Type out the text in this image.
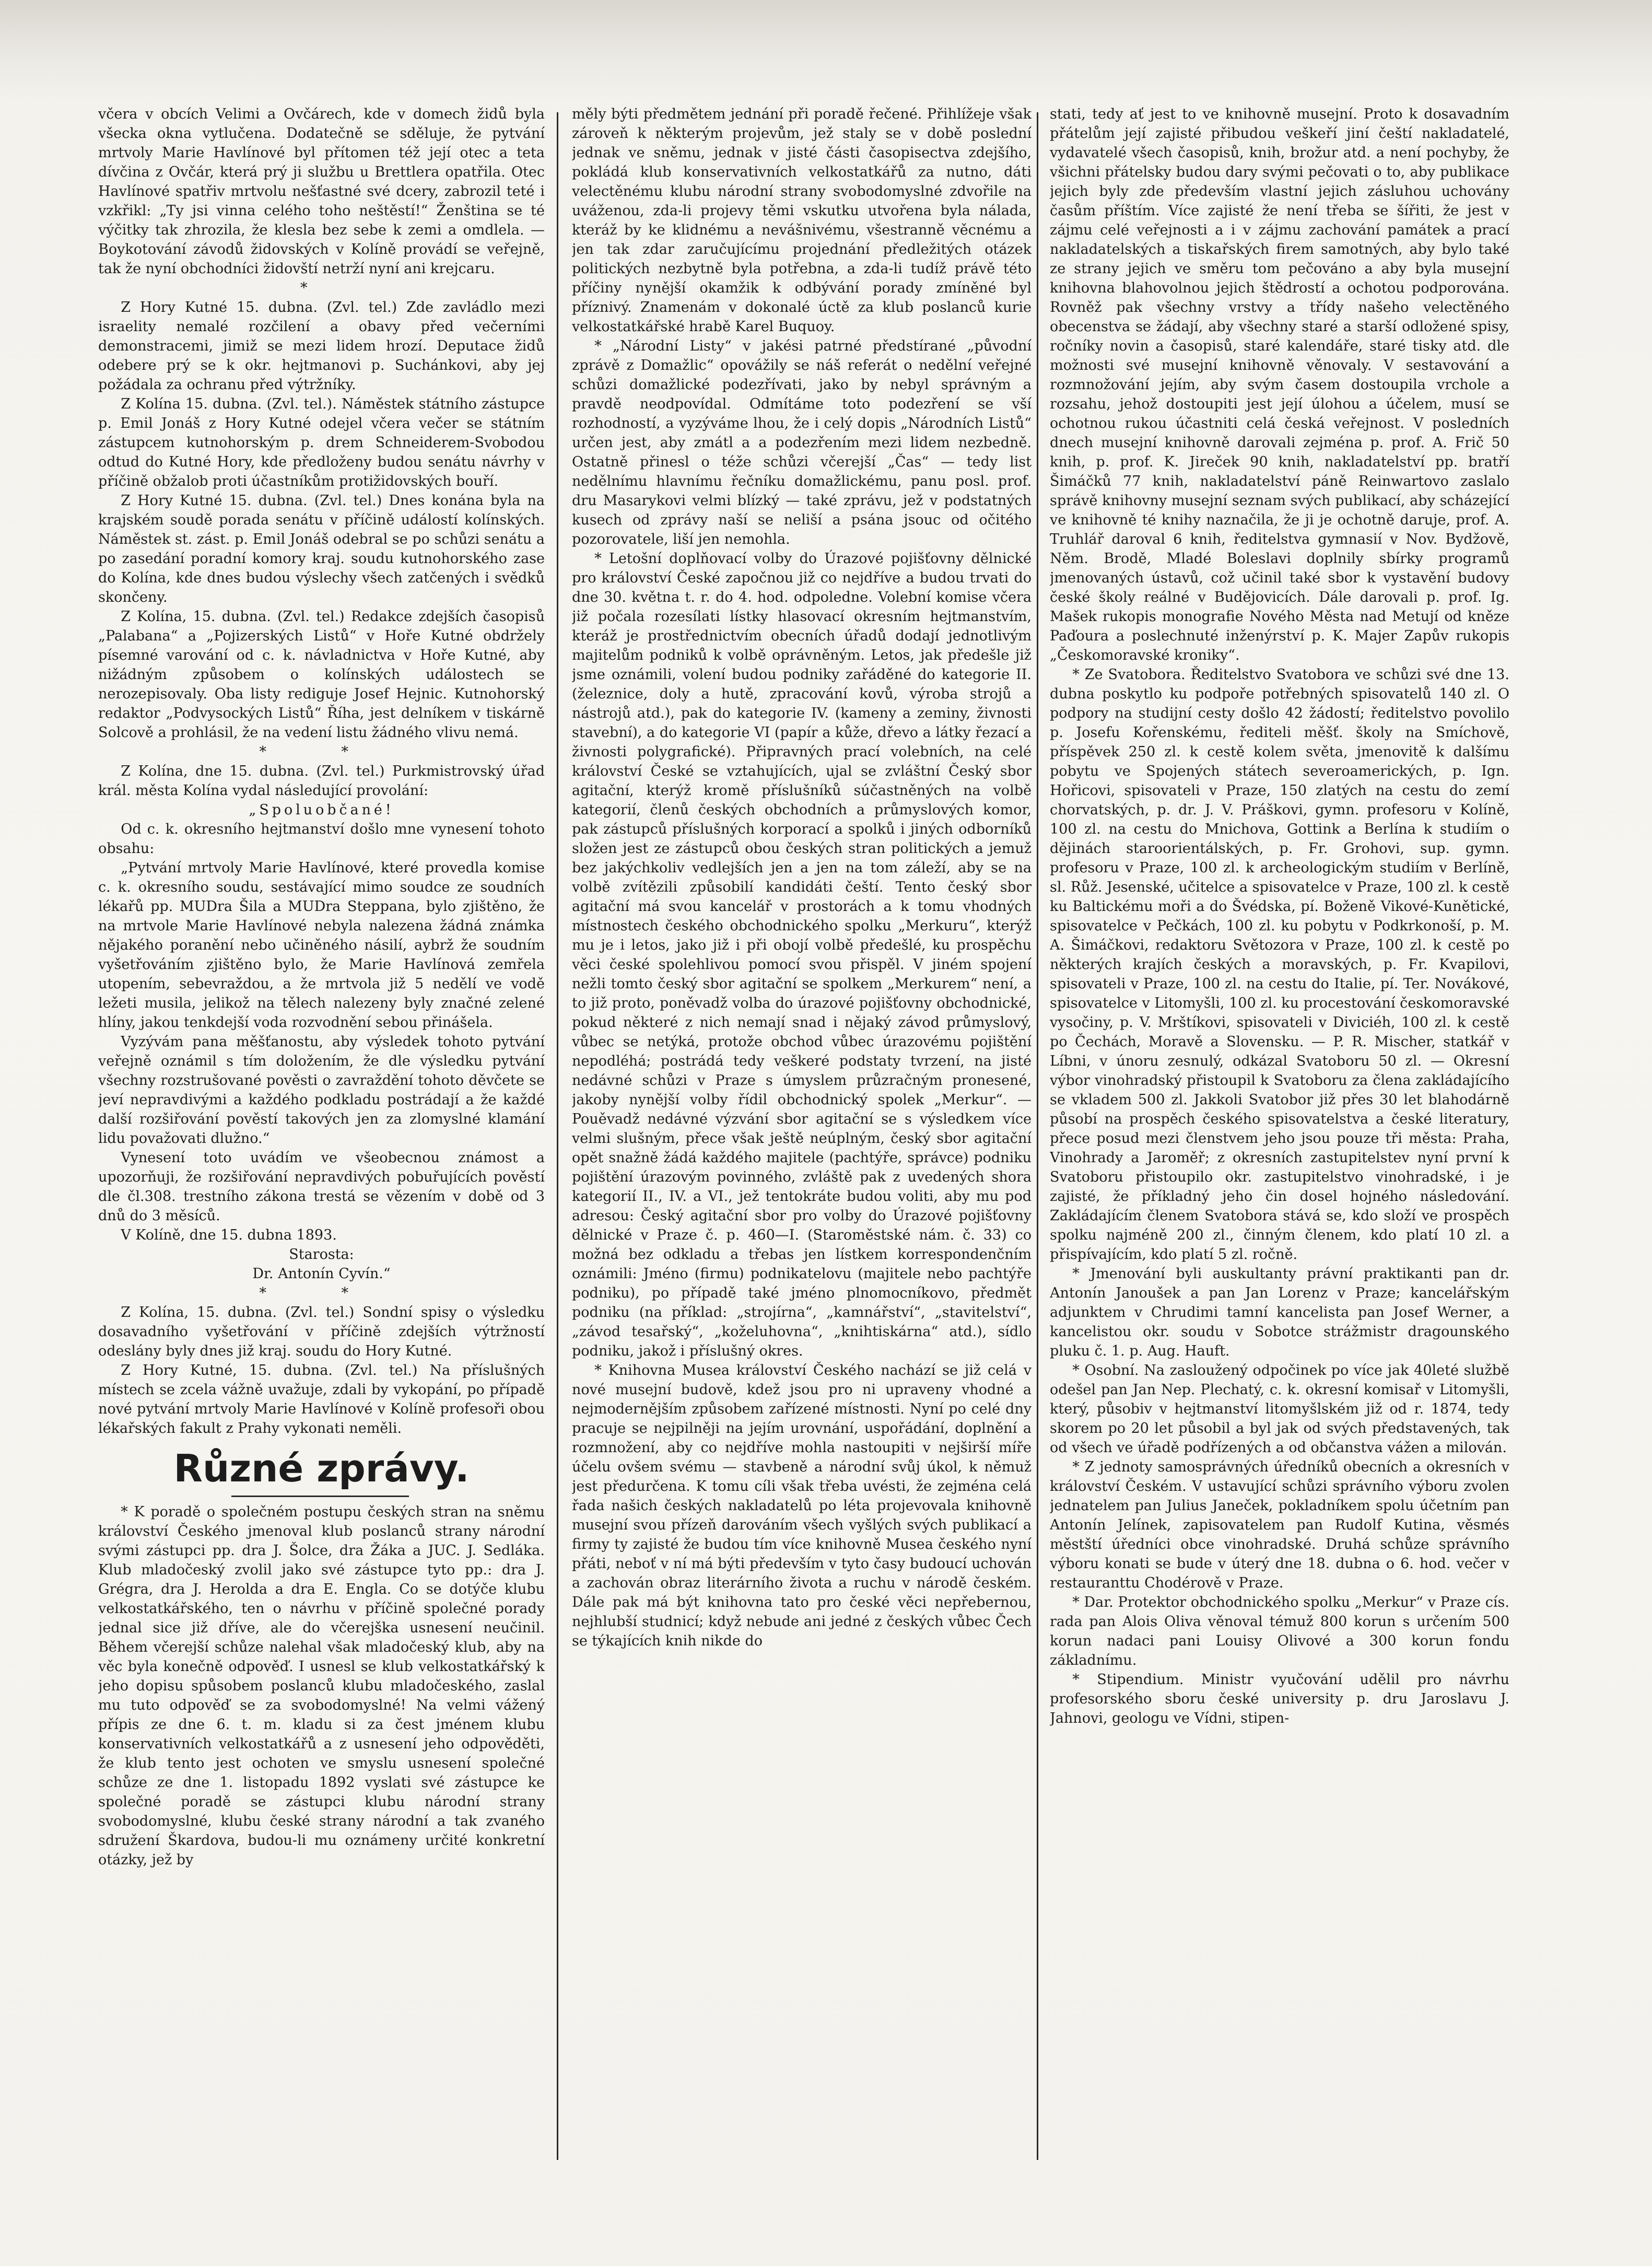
včera v obcích Velimi a Ovčárech, kde v domech židů byla všecka okna vytlučena. Dodatečně se sděluje, že pytvání mrtvoly Marie Havlínové byl přítomen též její otec a teta dívčina z Ovčár, která prý ji službu u Brettlera opatřila. Otec Havlínové spatřiv mrtvolu nešťastné své dcery, zabrozil teté i vzkřikl: „Ty jsi vinna celého toho neštěstí!“ Ženština se té výčitky tak zhrozila, že klesla bez sebe k zemi a omdlela. — Boykotování závodů židovských v Kolíně provádí se veřejně, tak že nyní obchodníci židovští netrží nyní ani krejcaru.

*

Z Hory Kutné 15. dubna. (Zvl. tel.) Zde zavládlo mezi israelity nemalé rozčilení a obavy před večerními demonstracemi, jimiž se mezi lidem hrozí. Deputace židů odebere prý se k okr. hejtmanovi p. Suchánkovi, aby jej požádala za ochranu před výtržníky.

Z Kolína 15. dubna. (Zvl. tel.). Náměstek státního zástupce p. Emil Jonáš z Hory Kutné odejel včera večer se státním zástupcem kutnohorským p. drem Schneiderem-Svobodou odtud do Kutné Hory, kde předloženy budou senátu návrhy v příčině obžalob proti účastníkům protižidovských bouří.

Z Hory Kutné 15. dubna. (Zvl. tel.) Dnes konána byla na krajském soudě porada senátu v příčině událostí kolínských. Náměstek st. zást. p. Emil Jonáš odebral se po schůzi senátu a po zasedání poradní komory kraj. soudu kutnohorského zase do Kolína, kde dnes budou výslechy všech zatčených i svědků skončeny.

Z Kolína, 15. dubna. (Zvl. tel.) Redakce zdejších časopisů „Palabana“ a „Pojizerských Listů“ v Hoře Kutné obdržely písemné varování od c. k. návladnictva v Hoře Kutné, aby nižádným způsobem o kolínských událostech se nerozepisovaly. Oba listy rediguje Josef Hejnic. Kutnohorský redaktor „Podvysockých Listů“ Říha, jest delníkem v tiskárně Solcově a prohlásil, že na vedení listu žádného vlivu nemá.

* *

Z Kolína, dne 15. dubna. (Zvl. tel.) Purkmistrovský úřad král. města Kolína vydal následující provolání:

„Spoluobčané!

Od c. k. okresního hejtmanství došlo mne vynesení tohoto obsahu:

„Pytvání mrtvoly Marie Havlínové, které provedla komise c. k. okresního soudu, sestávající mimo soudce ze soudních lékařů pp. MUDra Šila a MUDra Steppana, bylo zjištěno, že na mrtvole Marie Havlínové nebyla nalezena žádná známka nějakého poranění nebo učiněného násilí, aybrž že soudním vyšetřováním zjištěno bylo, že Marie Havlínová zemřela utopením, sebevraždou, a že mrtvola již 5 nedělí ve vodě ležeti musila, jelikož na tělech nalezeny byly značné zelené hlíny, jakou tenkdejší voda rozvodnění sebou přinášela.

Vyzývám pana měšťanostu, aby výsledek tohoto pytvání veřejně oznámil s tím doložením, že dle výsledku pytvání všechny rozstrušované pověsti o zavraždění tohoto děvčete se jeví nepravdivými a každého podkladu postrádají a že každé další rozšiřování pověstí takových jen za zlomyslné klamání lidu považovati dlužno.“

Vynesení toto uvádím ve všeobecnou známost a upozorňuji, že rozšiřování nepravdivých pobuřujících pověstí dle čl.308. trestního zákona trestá se vězením v době od 3 dnů do 3 měsíců.

V Kolíně, dne 15. dubna 1893.

Starosta:

Dr. Antonín Cyvín.“

* *

Z Kolína, 15. dubna. (Zvl. tel.) Sondní spisy o výsledku dosavadního vyšetřování v příčině zdejších výtržností odeslány byly dnes již kraj. soudu do Hory Kutné.

Z Hory Kutné, 15. dubna. (Zvl. tel.) Na příslušných místech se zcela vážně uvažuje, zdali by vykopání, po případě nové pytvání mrtvoly Marie Havlínové v Kolíně profesoři obou lékařských fakult z Prahy vykonati neměli.

Různé zprávy.

* K poradě o společném postupu českých stran na sněmu království Českého jmenoval klub poslanců strany národní svými zástupci pp. dra J. Šolce, dra Žáka a JUC. J. Sedláka. Klub mladočeský zvolil jako své zástupce tyto pp.: dra J. Grégra, dra J. Herolda a dra E. Engla. Co se dotýče klubu velkostatkářského, ten o návrhu v příčině společné porady jednal sice již dříve, ale do včerejška usnesení neučinil. Během včerejší schůze nalehal však mladočeský klub, aby na věc byla konečně odpověď. I usnesl se klub velkostatkářský k jeho dopisu spůsobem poslanců klubu mladočeského, zaslal mu tuto odpověď se za svobodomyslné! Na velmi vážený přípis ze dne 6. t. m. kladu si za čest jménem klubu konservativních velkostatkářů a z usnesení jeho odpověděti, že klub tento jest ochoten ve smyslu usnesení společné schůze ze dne 1. listopadu 1892 vyslati své zástupce ke společné poradě se zástupci klubu národní strany svobodomyslné, klubu české strany národní a tak zvaného sdružení Škardova, budou-li mu oznámeny určité konkretní otázky, jež by

měly býti předmětem jednání při poradě řečené. Přihlížeje však zároveň k některým projevům, jež staly se v době poslední jednak ve sněmu, jednak v jisté části časopisectva zdejšího, pokládá klub konservativních velkostatkářů za nutno, dáti velectěnému klubu národní strany svobodomyslné zdvořile na uváženou, zda-li projevy těmi vskutku utvořena byla nálada, kteráž by ke klidnému a nevášnivému, všestranně věcnému a jen tak zdar zaručujícímu projednání předležitých otázek politických nezbytně byla potřebna, a zda-li tudíž právě této příčiny nynější okamžik k odbývání porady zmíněné byl příznivý. Znamenám v dokonalé úctě za klub poslanců kurie velkostatkářské hrabě Karel Buquoy.

* „Národní Listy“ v jakési patrné předstírané „původní zprávě z Domažlic“ opovážily se náš referát o nedělní veřejné schůzi domažlické podezřívati, jako by nebyl správným a pravdě neodpovídal. Odmítáme toto podezření se vší rozhodností, a vyzýváme lhou, že i celý dopis „Národních Listů“ určen jest, aby zmátl a a podezřením mezi lidem nezbedně. Ostatně přinesl o téže schůzi včerejší „Čas“ — tedy list nedělnímu hlavnímu řečníku domažlickému, panu posl. prof. dru Masarykovi velmi blízký — také zprávu, jež v podstatných kusech od zprávy naší se neliší a psána jsouc od očitého pozorovatele, liší jen nemohla.

* Letošní doplňovací volby do Úrazové pojišťovny dělnické pro království České započnou již co nejdříve a budou trvati do dne 30. května t. r. do 4. hod. odpoledne. Volební komise včera již počala rozesílati lístky hlasovací okresním hejtmanstvím, kteráž je prostřednictvím obecních úřadů dodají jednotlivým majitelům podniků k volbě oprávněným. Letos, jak předešle již jsme oznámili, volení budou podniky zařáděné do kategorie II. (železnice, doly a hutě, zpracování kovů, výroba strojů a nástrojů atd.), pak do kategorie IV. (kameny a zeminy, živnosti stavební), a do kategorie VI (papír a kůže, dřevo a látky řezací a živnosti polygrafické). Připravných prací volebních, na celé království České se vztahujících, ujal se zvláštní Český sbor agitační, kterýž kromě příslušníků súčastněných na volbě kategorií, členů českých obchodních a průmyslových komor, pak zástupců příslušných korporací a spolků i jiných odborníků složen jest ze zástupců obou českých stran politických a jemuž bez jakýchkoliv vedlejších jen a jen na tom záleží, aby se na volbě zvítězili způsobilí kandidáti čeští. Tento český sbor agitační má svou kancelář v prostorách a k tomu vhodných místnostech českého obchodnického spolku „Merkuru“, kterýž mu je i letos, jako již i při obojí volbě předešlé, ku prospěchu věci české spolehlivou pomocí svou přispěl. V jiném spojení nežli tomto český sbor agitační se spolkem „Merkurem“ není, a to již proto, poněvadž volba do úrazové pojišťovny obchodnické, pokud některé z nich nemají snad i nějaký závod průmyslový, vůbec se netýká, protože obchod vůbec úrazovému pojištění nepodléhá; postrádá tedy veškeré podstaty tvrzení, na jisté nedávné schůzi v Praze s úmyslem průzračným pronesené, jakoby nynější volby řídil obchodnický spolek „Merkur“. — Pouěvadž nedávné výzvání sbor agitační se s výsledkem více velmi slušným, přece však ještě neúplným, český sbor agitační opět snažně žádá každého majitele (pachtýře, správce) podniku pojištění úrazovým povinného, zvláště pak z uvedených shora kategorií II., IV. a VI., jež tentokráte budou voliti, aby mu pod adresou: Český agitační sbor pro volby do Úrazové pojišťovny dělnické v Praze č. p. 460—I. (Staroměstské nám. č. 33) co možná bez odkladu a třebas jen lístkem korrespondenčním oznámili: Jméno (firmu) podnikatelovu (majitele nebo pachtýře podniku), po případě také jméno plnomocníkovo, předmět podniku (na příklad: „strojírna“, „kamnářství“, „stavitelství“, „závod tesařský“, „koželuhovna“, „knihtiskárna“ atd.), sídlo podniku, jakož i příslušný okres.

* Knihovna Musea království Českého nachází se již celá v nové musejní budově, kdež jsou pro ni upraveny vhodné a nejmodernějším způsobem zařízené místnosti. Nyní po celé dny pracuje se nejpilněji na jejím urovnání, uspořádání, doplnění a rozmnožení, aby co nejdříve mohla nastoupiti v nejširší míře účelu ovšem svému — stavbeně a národní svůj úkol, k němuž jest předurčena. K tomu cíli však třeba uvésti, že zejména celá řada našich českých nakladatelů po léta projevovala knihovně musejní svou přízeň darováním všech vyšlých svých publikací a firmy ty zajisté že budou tím více knihovně Musea českého nyní přáti, neboť v ní má býti především v tyto časy budoucí uchován a zachován obraz literárního života a ruchu v národě českém. Dále pak má být knihovna tato pro české věci nepřebernou, nejhlubší studnicí; když nebude ani jedné z českých vůbec Čech se týkajících knih nikde do

stati, tedy ať jest to ve knihovně musejní. Proto k dosavadním přátelům její zajisté přibudou veškeří jiní čeští nakladatelé, vydavatelé všech časopisů, knih, brožur atd. a není pochyby, že všichni přátelsky budou dary svými pečovati o to, aby publikace jejich byly zde především vlastní jejich zásluhou uchovány časům příštím. Více zajisté že není třeba se šířiti, že jest v zájmu celé veřejnosti a i v zájmu zachování památek a prací nakladatelských a tiskařských firem samotných, aby bylo také ze strany jejich ve směru tom pečováno a aby byla musejní knihovna blahovolnou jejich štědrostí a ochotou podporována. Rovněž pak všechny vrstvy a třídy našeho velectěného obecenstva se žádají, aby všechny staré a starší odložené spisy, ročníky novin a časopisů, staré kalendáře, staré tisky atd. dle možnosti své musejní knihovně věnovaly. V sestavování a rozmnožování jejím, aby svým časem dostoupila vrchole a rozsahu, jehož dostoupiti jest její úlohou a účelem, musí se ochotnou rukou účastniti celá česká veřejnost. V posledních dnech musejní knihovně darovali zejména p. prof. A. Frič 50 knih, p. prof. K. Jireček 90 knih, nakladatelství pp. bratří Šimáčků 77 knih, nakladatelství páně Reinwartovo zaslalo správě knihovny musejní seznam svých publikací, aby scházející ve knihovně té knihy naznačila, že ji je ochotně daruje, prof. A. Truhlář daroval 6 knih, ředitelstva gymnasií v Nov. Bydžově, Něm. Brodě, Mladé Boleslavi doplnily sbírky programů jmenovaných ústavů, což učinil také sbor k vystavění budovy české školy reálné v Budějovicích. Dále darovali p. prof. Ig. Mašek rukopis monografie Nového Města nad Metují od kněze Paďoura a poslechnuté inženýrství p. K. Majer Zapův rukopis „Českomoravské kroniky“.

* Ze Svatobora. Ředitelstvo Svatobora ve schůzi své dne 13. dubna poskytlo ku podpoře potřebných spisovatelů 140 zl. O podpory na studijní cesty došlo 42 žádostí; ředitelstvo povolilo p. Josefu Kořenskému, řediteli měšť. školy na Smíchově, příspěvek 250 zl. k cestě kolem světa, jmenovitě k dalšímu pobytu ve Spojených státech severoamerických, p. Ign. Hořicovi, spisovateli v Praze, 150 zlatých na cestu do zemí chorvatských, p. dr. J. V. Práškovi, gymn. profesoru v Kolíně, 100 zl. na cestu do Mnichova, Gottink a Berlína k studiím o dějinách staroorientálských, p. Fr. Grohovi, sup. gymn. profesoru v Praze, 100 zl. k archeologickým studiím v Berlíně, sl. Růž. Jesenské, učitelce a spisovatelce v Praze, 100 zl. k cestě ku Baltickému moři a do Švédska, pí. Boženě Vikové-Kunětické, spisovatelce v Pečkách, 100 zl. ku pobytu v Podkrkonoší, p. M. A. Šimáčkovi, redaktoru Světozora v Praze, 100 zl. k cestě po některých krajích českých a moravských, p. Fr. Kvapilovi, spisovateli v Praze, 100 zl. na cestu do Italie, pí. Ter. Novákové, spisovatelce v Litomyšli, 100 zl. ku procestování českomoravské vysočiny, p. V. Mrštíkovi, spisovateli v Diviciéh, 100 zl. k cestě po Čechách, Moravě a Slovensku. — P. R. Mischer, statkář v Líbni, v únoru zesnulý, odkázal Svatoboru 50 zl. — Okresní výbor vinohradský přistoupil k Svatoboru za člena zakládajícího se vkladem 500 zl. Jakkoli Svatobor již přes 30 let blahodárně působí na prospěch českého spisovatelstva a české literatury, přece posud mezi členstvem jeho jsou pouze tři města: Praha, Vinohrady a Jaroměř; z okresních zastupitelstev nyní první k Svatoboru přistoupilo okr. zastupitelstvo vinohradské, i je zajisté, že příkladný jeho čin dosel hojného následování. Zakládajícím členem Svatobora stává se, kdo složí ve prospěch spolku najméně 200 zl., činným členem, kdo platí 10 zl. a přispívajícím, kdo platí 5 zl. ročně.

* Jmenování byli auskultanty právní praktikanti pan dr. Antonín Janoušek a pan Jan Lorenz v Praze; kancelářským adjunktem v Chrudimi tamní kancelista pan Josef Werner, a kancelistou okr. soudu v Sobotce strážmistr dragounského pluku č. 1. p. Aug. Hauft.

* Osobní. Na zasloužený odpočinek po více jak 40leté službě odešel pan Jan Nep. Plechatý, c. k. okresní komisař v Litomyšli, který, působiv v hejtmanství litomyšlském již od r. 1874, tedy skorem po 20 let působil a byl jak od svých představených, tak od všech ve úřadě podřízených a od občanstva vážen a milován.

* Z jednoty samosprávných úředníků obecních a okresních v království Českém. V ustavující schůzi správního výboru zvolen jednatelem pan Julius Janeček, pokladníkem spolu účetním pan Antonín Jelínek, zapisovatelem pan Rudolf Kutina, věsmés městští úředníci obce vinohradské. Druhá schůze správního výboru konati se bude v úterý dne 18. dubna o 6. hod. večer v restauranttu Chodérově v Praze.

* Dar. Protektor obchodnického spolku „Merkur“ v Praze cís. rada pan Alois Oliva věnoval témuž 800 korun s určením 500 korun nadaci pani Louisy Olivové a 300 korun fondu základnímu.

* Stipendium. Ministr vyučování udělil pro návrhu profesorského sboru české university p. dru Jaroslavu J. Jahnovi, geologu ve Vídni, stipen-
